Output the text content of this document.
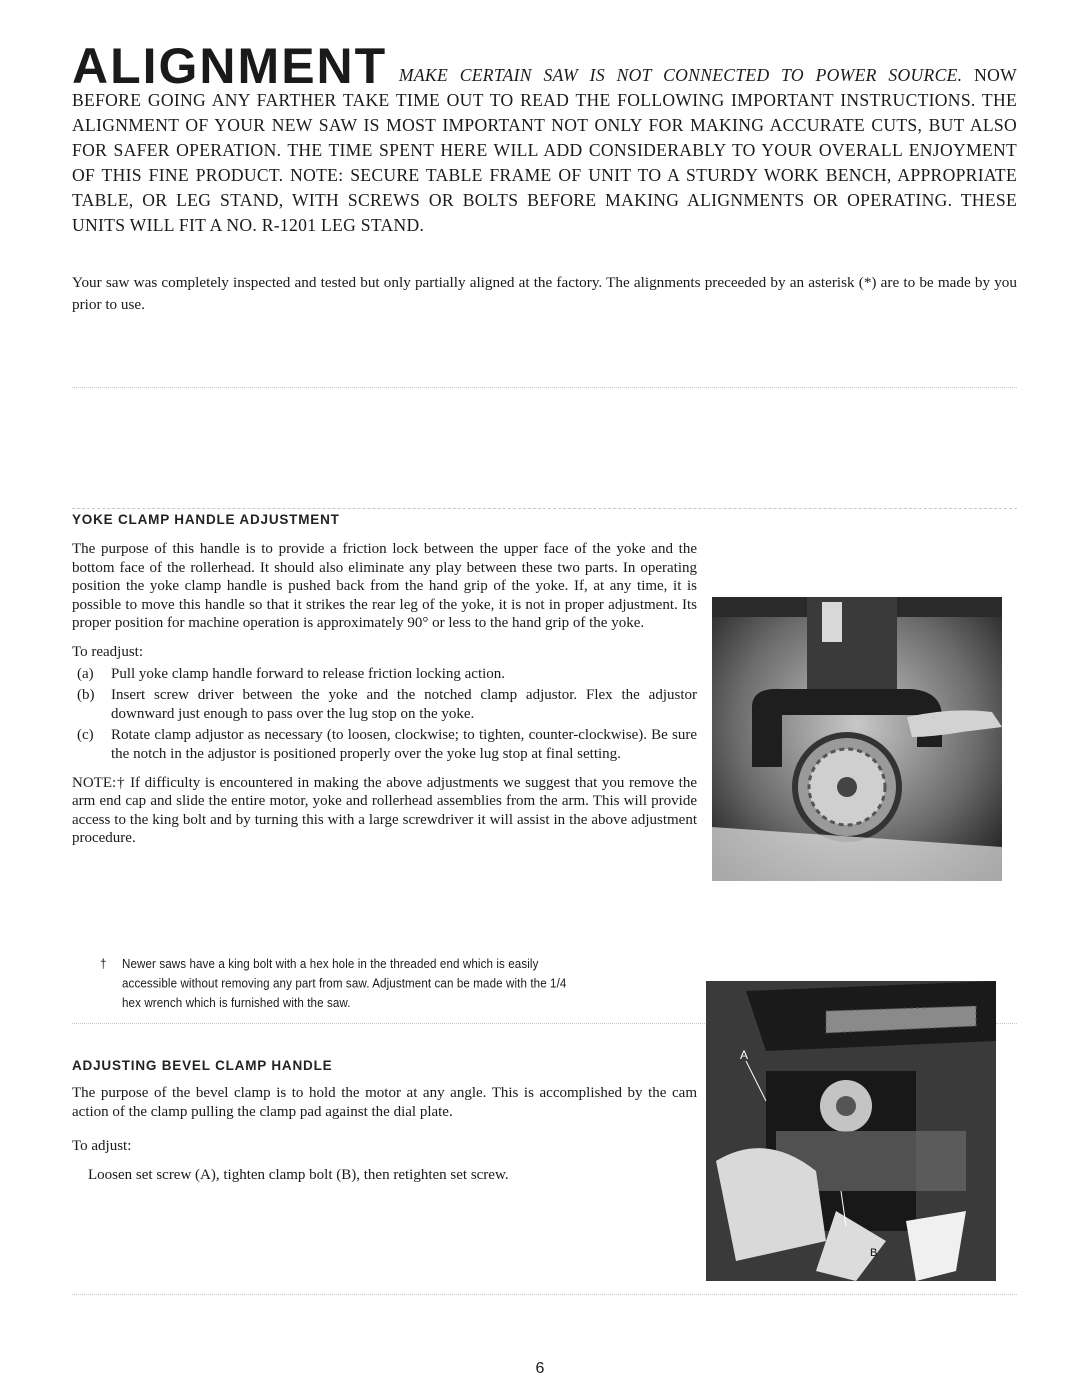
ALIGNMENT MAKE CERTAIN SAW IS NOT CONNECTED TO POWER SOURCE. NOW BEFORE GOING ANY FARTHER TAKE TIME OUT TO READ THE FOLLOWING IMPORTANT INSTRUCTIONS. THE ALIGNMENT OF YOUR NEW SAW IS MOST IMPORTANT NOT ONLY FOR MAKING ACCURATE CUTS, BUT ALSO FOR SAFER OPERATION. THE TIME SPENT HERE WILL ADD CONSIDERABLY TO YOUR OVERALL ENJOYMENT OF THIS FINE PRODUCT. NOTE: SECURE TABLE FRAME OF UNIT TO A STURDY WORK BENCH, APPROPRIATE TABLE, OR LEG STAND, WITH SCREWS OR BOLTS BEFORE MAKING ALIGNMENTS OR OPERATING. THESE UNITS WILL FIT A NO. R-1201 LEG STAND.
Your saw was completely inspected and tested but only partially aligned at the factory. The alignments preceeded by an asterisk (*) are to be made by you prior to use.
YOKE CLAMP HANDLE ADJUSTMENT

The purpose of this handle is to provide a friction lock between the upper face of the yoke and the bottom face of the rollerhead. It should also eliminate any play between these two parts. In operating position the yoke clamp handle is pushed back from the hand grip of the yoke. If, at any time, it is possible to move this handle so that it strikes the rear leg of the yoke, it is not in proper adjustment. Its proper position for machine operation is approximately 90° or less to the hand grip of the yoke.

To readjust:

(a) Pull yoke clamp handle forward to release friction locking action.
(b) Insert screw driver between the yoke and the notched clamp adjustor. Flex the adjustor downward just enough to pass over the lug stop on the yoke.
(c) Rotate clamp adjustor as necessary (to loosen, clockwise; to tighten, counter-clockwise). Be sure the notch in the adjustor is positioned properly over the yoke lug stop at final setting.

NOTE:† If difficulty is encountered in making the above adjustments we suggest that you remove the arm end cap and slide the entire motor, yoke and rollerhead assemblies from the arm. This will provide access to the king bolt and by turning this with a large screwdriver it will assist in the above adjustment procedure.

† Newer saws have a king bolt with a hex hole in the threaded end which is easily
accessible without removing any part from saw. Adjustment can be made with the 1/4
hex wrench which is furnished with the saw.
ADJUSTING BEVEL CLAMP HANDLE

The purpose of the bevel clamp is to hold the motor at any angle. This is accomplished by the cam action of the clamp pulling the clamp pad against the dial plate.

To adjust:

Loosen set screw (A), tighten clamp bolt (B), then retighten set screw.

A
B
6
